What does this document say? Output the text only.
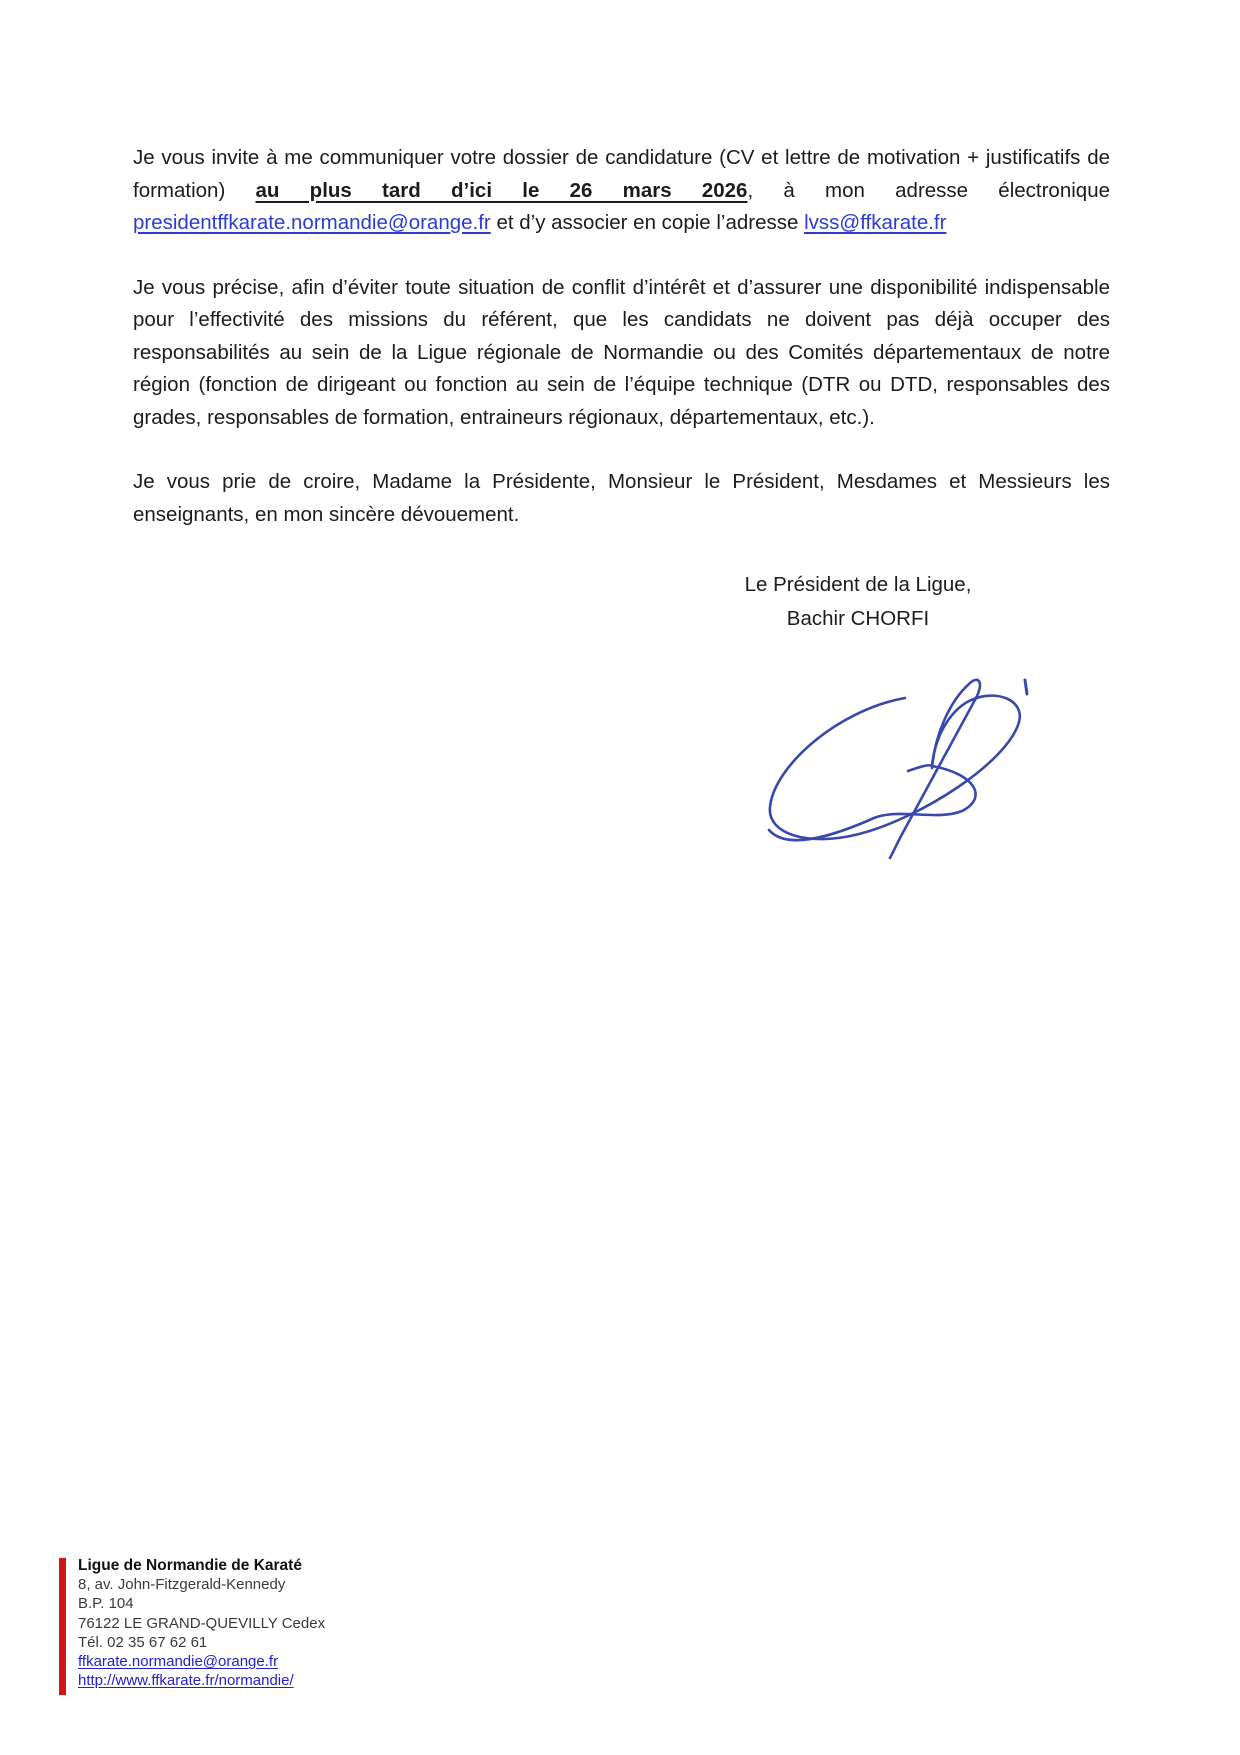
Je vous invite à me communiquer votre dossier de candidature (CV et lettre de motivation + justificatifs de formation) au plus tard d’ici le 26 mars 2026, à mon adresse électronique presidentffkarate.normandie@orange.fr et d’y associer en copie l’adresse lvss@ffkarate.fr

Je vous précise, afin d’éviter toute situation de conflit d’intérêt et d’assurer une disponibilité indispensable pour l’effectivité des missions du référent, que les candidats ne doivent pas déjà occuper des responsabilités au sein de la Ligue régionale de Normandie ou des Comités départementaux de notre région (fonction de dirigeant ou fonction au sein de l’équipe technique (DTR ou DTD, responsables des grades, responsables de formation, entraineurs régionaux, départementaux, etc.).

Je vous prie de croire, Madame la Présidente, Monsieur le Président, Mesdames et Messieurs les enseignants, en mon sincère dévouement.

Le Président de la Ligue,
Bachir CHORFI
Ligue de Normandie de Karaté
8, av. John-Fitzgerald-Kennedy
B.P. 104
76122 LE GRAND-QUEVILLY Cedex
Tél. 02 35 67 62 61
ffkarate.normandie@orange.fr
http://www.ffkarate.fr/normandie/
